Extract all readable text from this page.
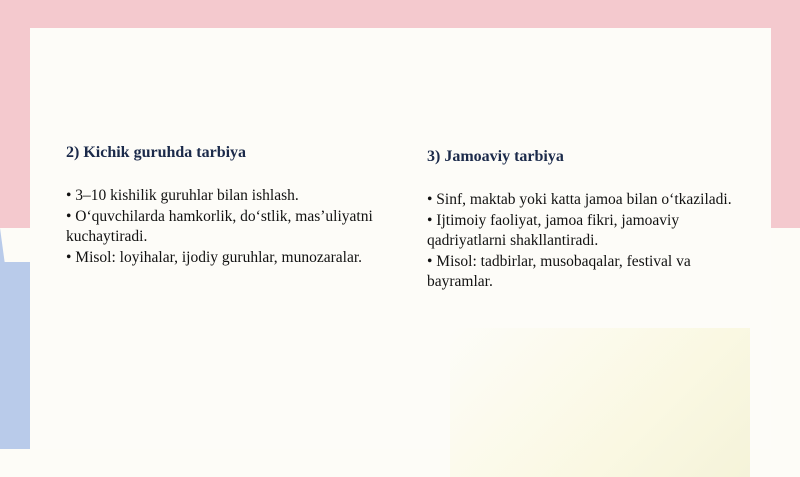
2) Kichik guruhda tarbiya

• 3–10 kishilik guruhlar bilan ishlash.

• O‘quvchilarda hamkorlik, do‘stlik, mas’uliyatni kuchaytiradi.

• Misol: loyihalar, ijodiy guruhlar, munozaralar.

3) Jamoaviy tarbiya

• Sinf, maktab yoki katta jamoa bilan o‘tkaziladi.

• Ijtimoiy faoliyat, jamoa fikri, jamoaviy qadriyatlarni shakllantiradi.

• Misol: tadbirlar, musobaqalar, festival va bayramlar.
